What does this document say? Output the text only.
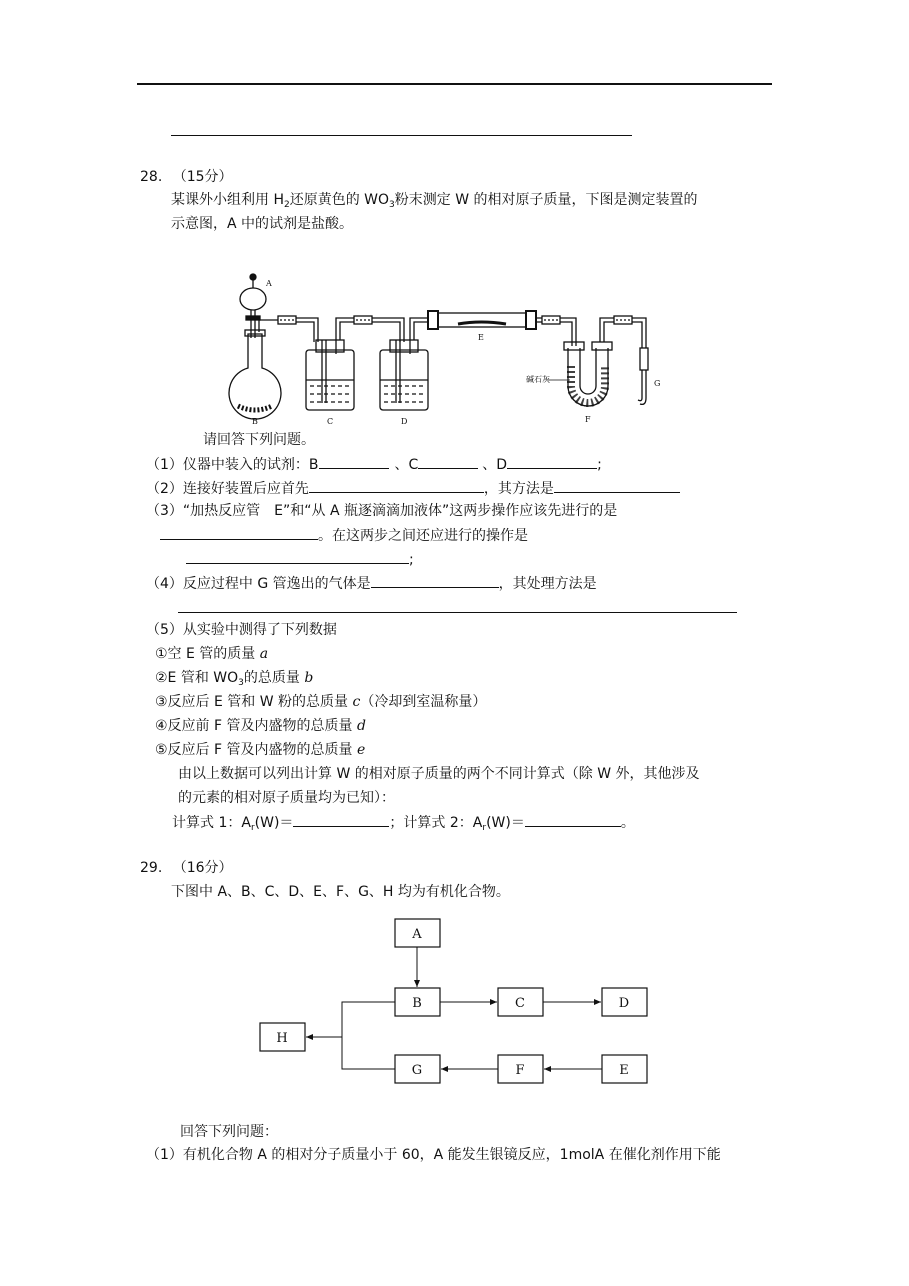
28. （15分）
某课外小组利用 $H_2$还原黄色的 $WO_3$粉末测定 W 的相对原子质量，下图是测定装置的
示意图，A 中的试剂是盐酸。
A
B	C	D
E
F
G
碱石灰
请回答下列问题。
（1）仪器中装入的试剂：B	、C	、D	;
（2）连接好装置后应首先	，其方法是
（3）“加热反应管　E”和“从 A 瓶逐滴滴加液体”这两步操作应该先进行的是
。在这两步之间还应进行的操作是
;
（4）反应过程中 G 管逸出的气体是	，其处理方法是
（5）从实验中测得了下列数据
①空 E 管的质量 a
②E 管和 $WO_3$的总质量 b
③反应后 E 管和 W 粉的总质量 c（冷却到室温称量）
④反应前 F 管及内盛物的总质量 d
⑤反应后 F 管及内盛物的总质量 e
由以上数据可以列出计算 W 的相对原子质量的两个不同计算式（除 W 外，其他涉及
的元素的相对原子质量均为已知）：
计算式 1：$A_r(W)=$	；计算式 2：$A_r(W)=$	。
29. （16分）
下图中 A、B、C、D、E、F、G、H 均为有机化合物。
A
B	C	D
E
F
G
H
回答下列问题：
（1）有机化合物 A 的相对分子质量小于 60，A 能发生银镜反应，1molA 在催化剂作用下能
